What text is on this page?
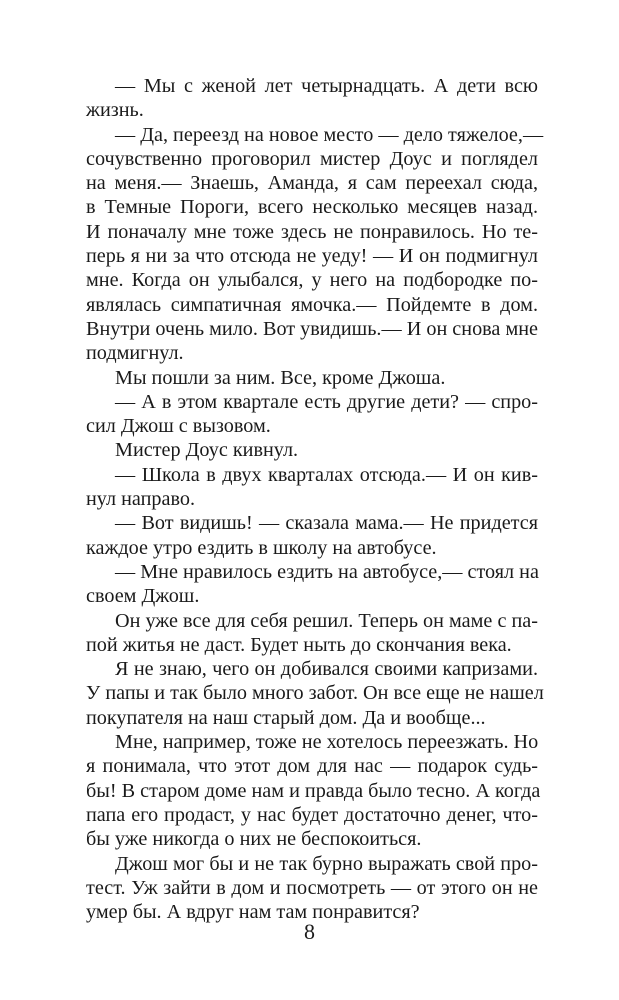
— Мы с женой лет четырнадцать. А дети всю
жизнь.

— Да, переезд на новое место — дело тяжелое,—
сочувственно проговорил мистер Доус и поглядел
на меня.— Знаешь, Аманда, я сам переехал сюда,
в Темные Пороги, всего несколько месяцев назад.
И поначалу мне тоже здесь не понравилось. Но те-
перь я ни за что отсюда не уеду! — И он подмигнул
мне. Когда он улыбался, у него на подбородке по-
являлась симпатичная ямочка.— Пойдемте в дом.
Внутри очень мило. Вот увидишь.— И он снова мне
подмигнул.

Мы пошли за ним. Все, кроме Джоша.

— А в этом квартале есть другие дети? — спро-
сил Джош с вызовом.

Мистер Доус кивнул.

— Школа в двух кварталах отсюда.— И он кив-
нул направо.

— Вот видишь! — сказала мама.— Не придется
каждое утро ездить в школу на автобусе.

— Мне нравилось ездить на автобусе,— стоял на
своем Джош.

Он уже все для себя решил. Теперь он маме с па-
пой житья не даст. Будет ныть до скончания века.

Я не знаю, чего он добивался своими капризами.
У папы и так было много забот. Он все еще не нашел
покупателя на наш старый дом. Да и вообще...

Мне, например, тоже не хотелось переезжать. Но
я понимала, что этот дом для нас — подарок судь-
бы! В старом доме нам и правда было тесно. А когда
папа его продаст, у нас будет достаточно денег, что-
бы уже никогда о них не беспокоиться.

Джош мог бы и не так бурно выражать свой про-
тест. Уж зайти в дом и посмотреть — от этого он не
умер бы. А вдруг нам там понравится?

8
